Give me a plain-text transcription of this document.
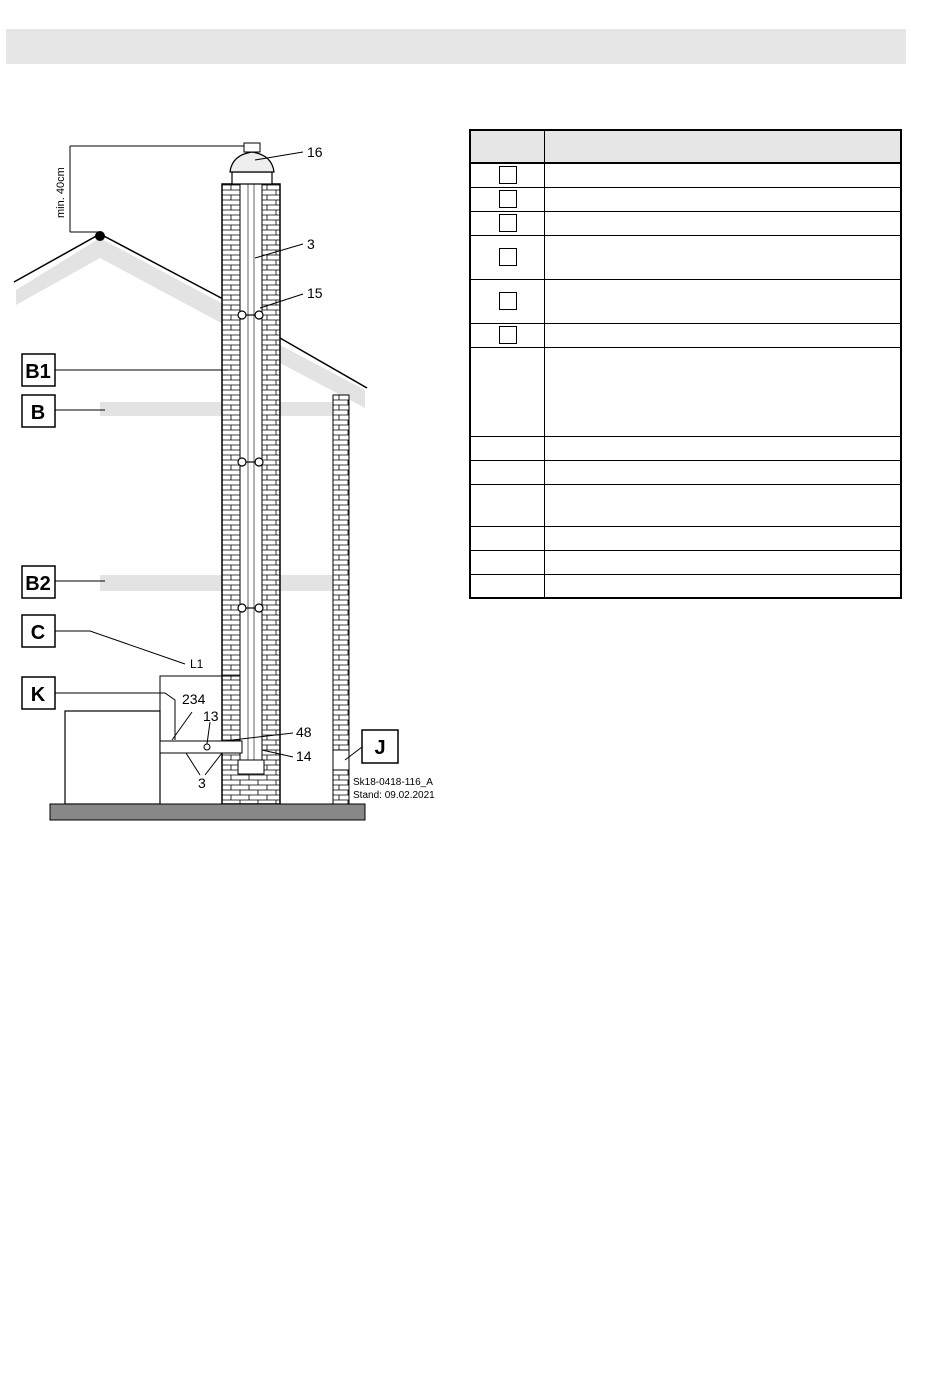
min. 40cm
B1
B
B2
C
K
J
16
3
15
L1
234
13
48
14
3	Sk18-0418-116_A
Stand: 09.02.2021
